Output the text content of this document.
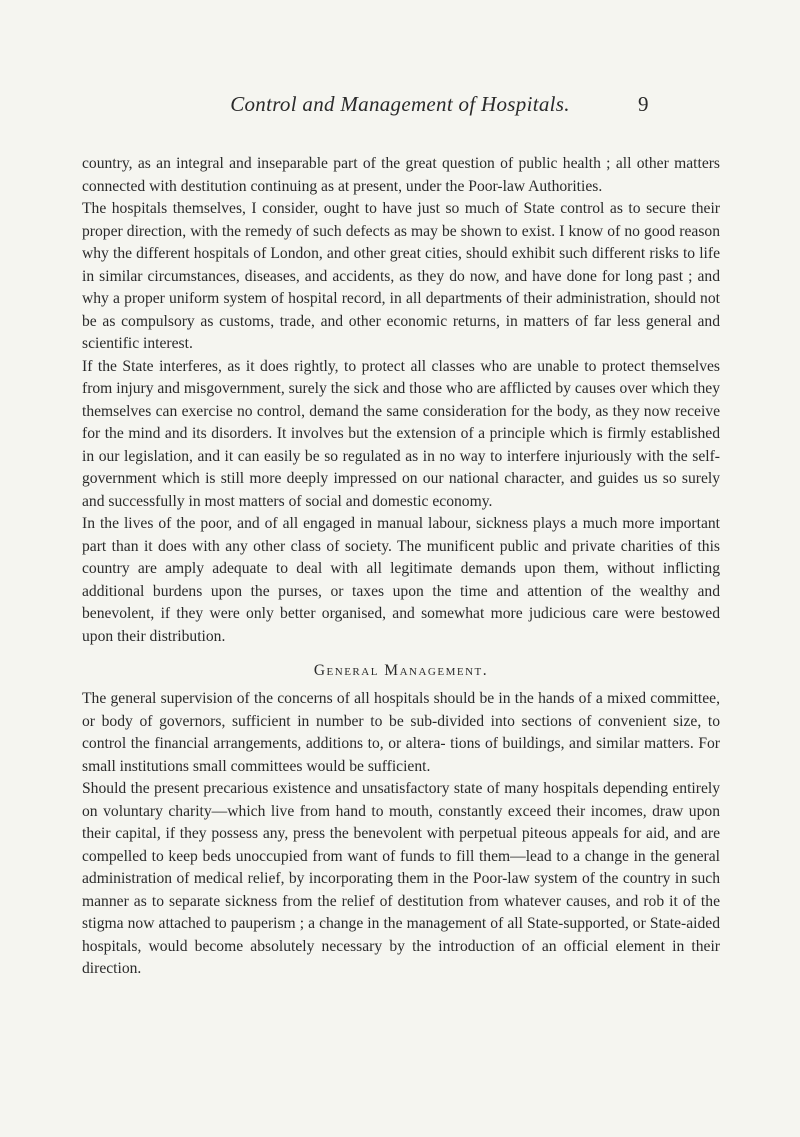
Control and Management of Hospitals.	9

country, as an integral and inseparable part of the great question of public health ; all other matters connected with destitution continuing as at present, under the Poor-law Authorities.

The hospitals themselves, I consider, ought to have just so much of State control as to secure their proper direction, with the remedy of such defects as may be shown to exist. I know of no good reason why the different hospitals of London, and other great cities, should exhibit such different risks to life in similar circumstances, diseases, and accidents, as they do now, and have done for long past ; and why a proper uniform system of hospital record, in all departments of their administration, should not be as compulsory as customs, trade, and other economic returns, in matters of far less general and scientific interest.

If the State interferes, as it does rightly, to protect all classes who are unable to protect themselves from injury and misgovernment, surely the sick and those who are afflicted by causes over which they themselves can exercise no control, demand the same consideration for the body, as they now receive for the mind and its disorders. It involves but the extension of a principle which is firmly established in our legislation, and it can easily be so regulated as in no way to interfere injuriously with the self-government which is still more deeply impressed on our national character, and guides us so surely and successfully in most matters of social and domestic economy.

In the lives of the poor, and of all engaged in manual labour, sickness plays a much more important part than it does with any other class of society. The munificent public and private charities of this country are amply adequate to deal with all legitimate demands upon them, without inflicting additional burdens upon the purses, or taxes upon the time and attention of the wealthy and benevolent, if they were only better organised, and somewhat more judicious care were bestowed upon their distribution.

General Management.

The general supervision of the concerns of all hospitals should be in the hands of a mixed committee, or body of governors, sufficient in number to be sub-divided into sections of convenient size, to control the financial arrangements, additions to, or altera- tions of buildings, and similar matters. For small institutions small committees would be sufficient.

Should the present precarious existence and unsatisfactory state of many hospitals depending entirely on voluntary charity—which live from hand to mouth, constantly exceed their incomes, draw upon their capital, if they possess any, press the benevolent with perpetual piteous appeals for aid, and are compelled to keep beds unoccupied from want of funds to fill them—lead to a change in the general administration of medical relief, by incorporating them in the Poor-law system of the country in such manner as to separate sickness from the relief of destitution from whatever causes, and rob it of the stigma now attached to pauperism ; a change in the management of all State-supported, or State-aided hospitals, would become absolutely necessary by the introduction of an official element in their direction.
